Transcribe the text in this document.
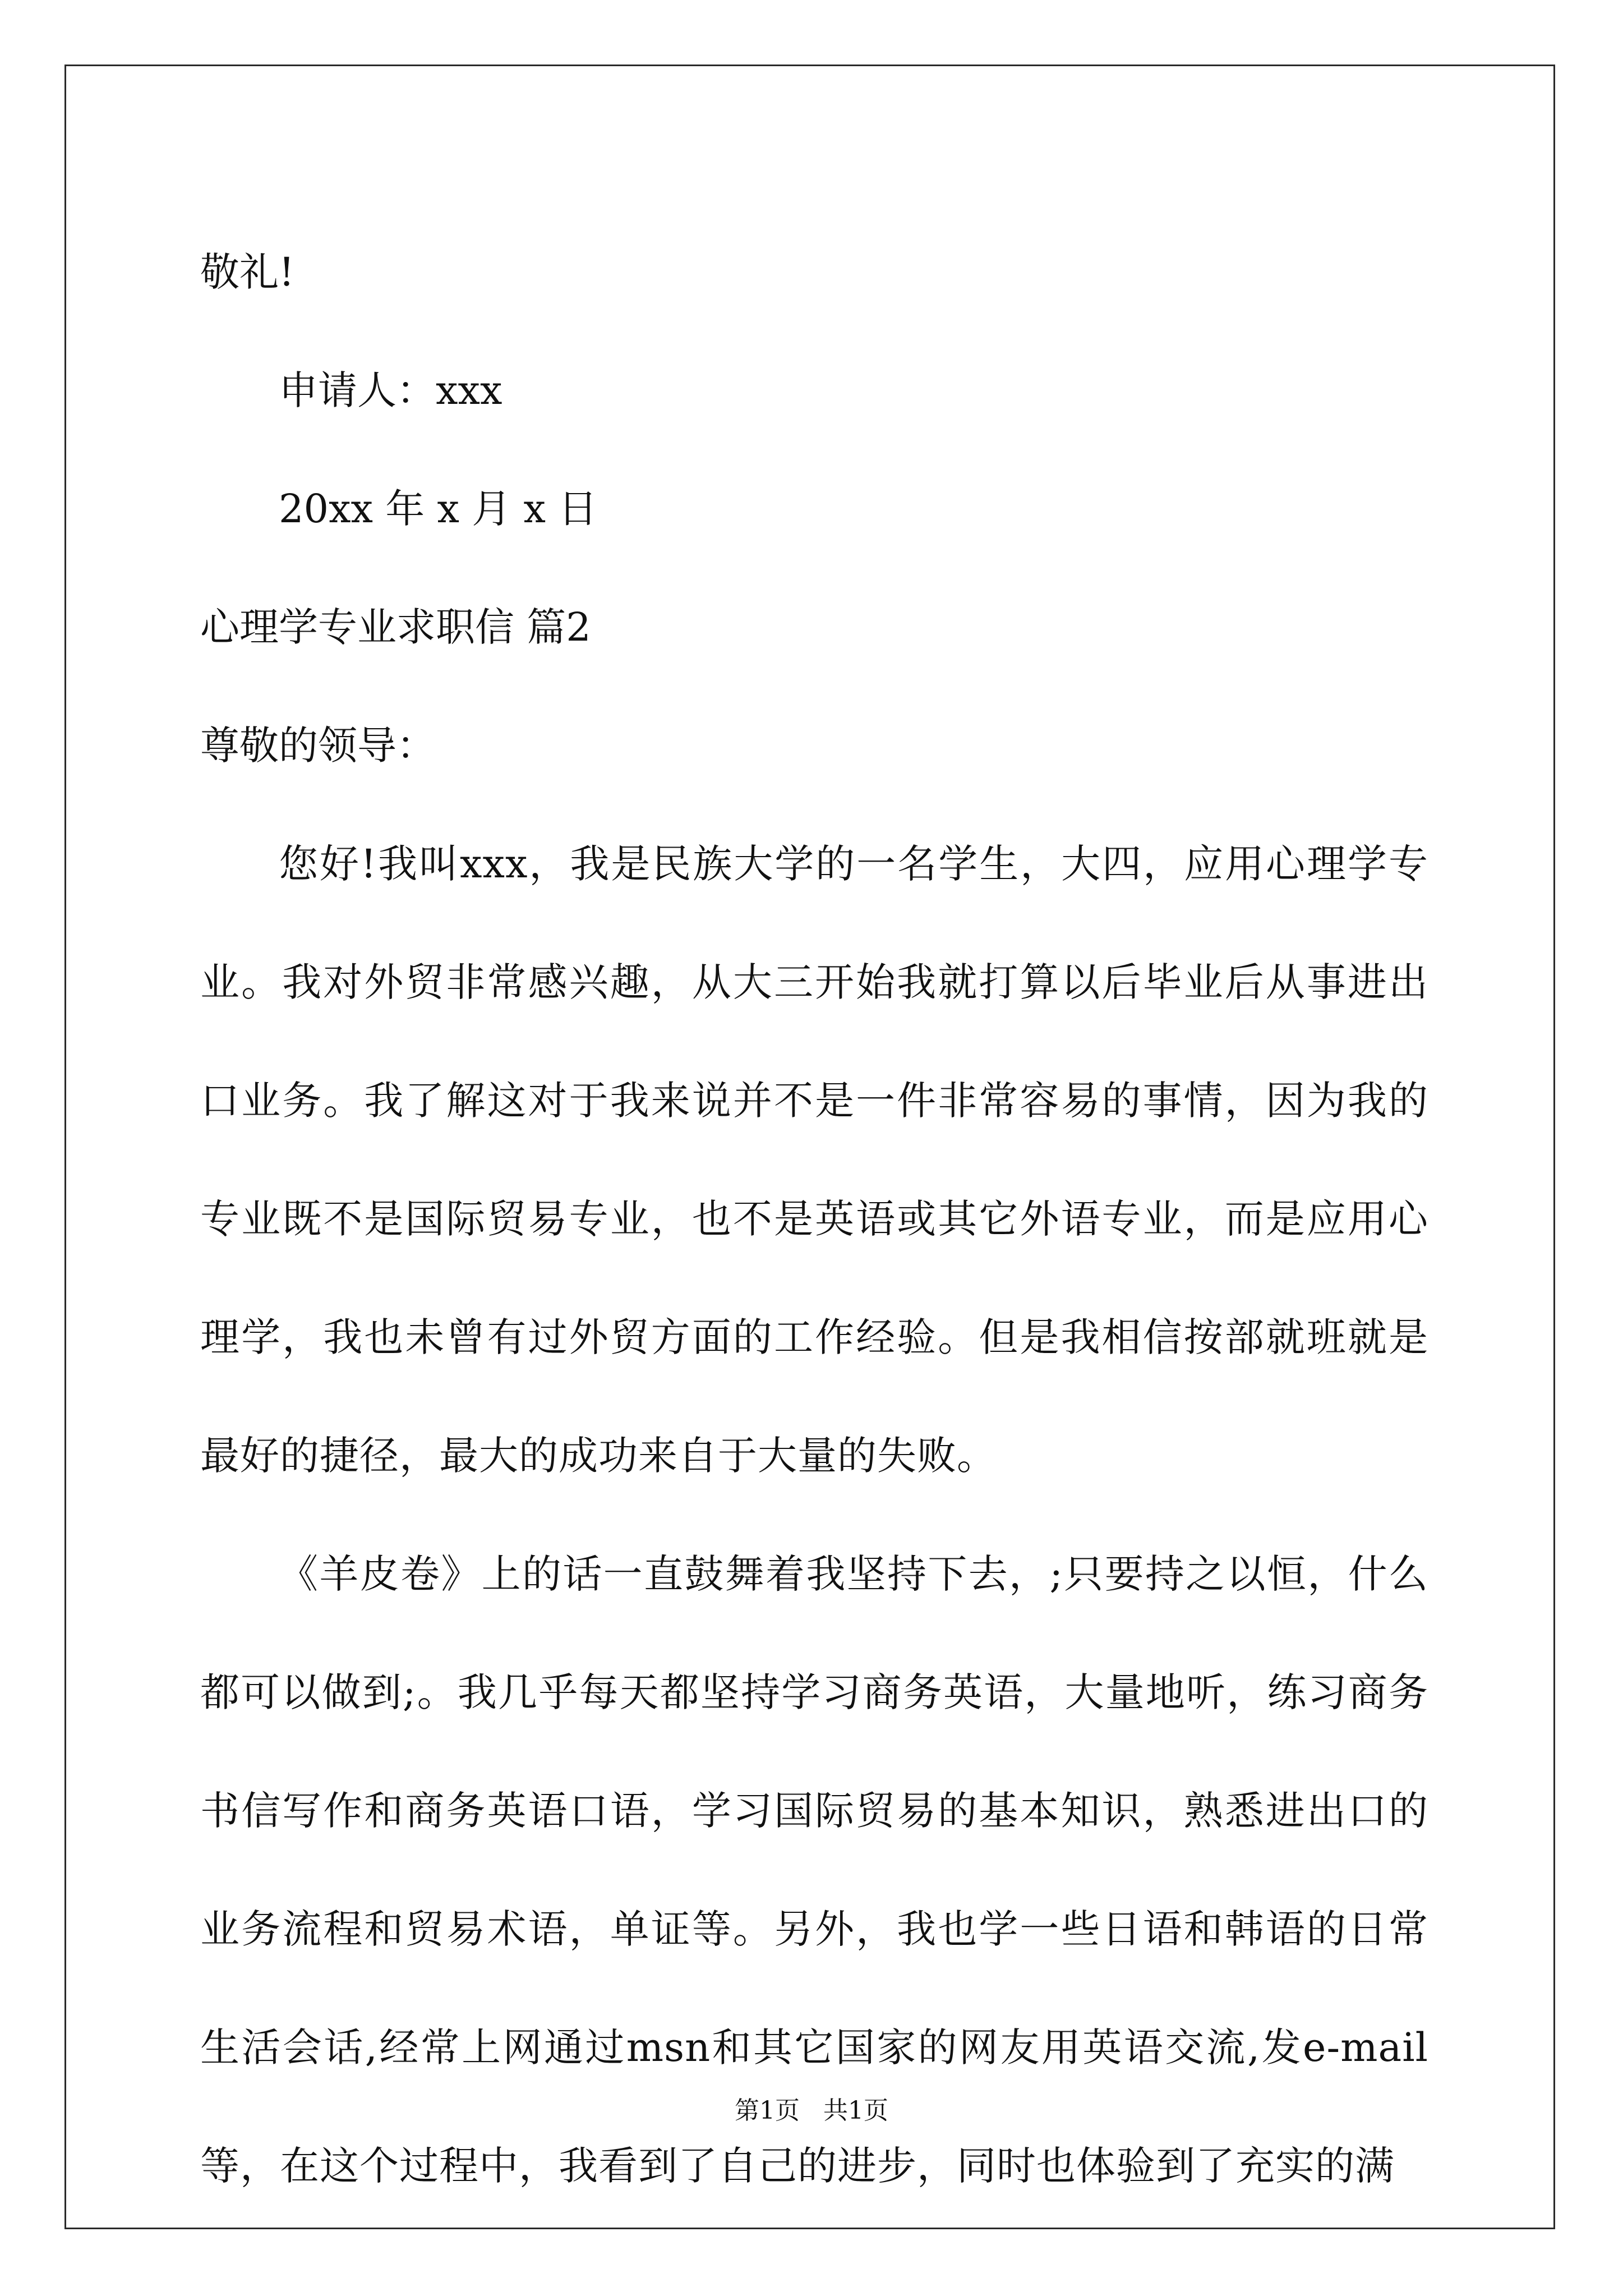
敬礼!
申请人：xxx
20xx 年 x 月 x 日
心理学专业求职信 篇2
尊敬的领导：
您好!我叫xxx，我是民族大学的一名学生，大四，应用心理学专业。我对外贸非常感兴趣，从大三开始我就打算以后毕业后从事进出口业务。我了解这对于我来说并不是一件非常容易的事情，因为我的专业既不是国际贸易专业，也不是英语或其它外语专业，而是应用心理学，我也未曾有过外贸方面的工作经验。但是我相信按部就班就是最好的捷径，最大的成功来自于大量的失败。
《羊皮卷》上的话一直鼓舞着我坚持下去，;只要持之以恒，什么都可以做到;。我几乎每天都坚持学习商务英语，大量地听，练习商务书信写作和商务英语口语，学习国际贸易的基本知识，熟悉进出口的业务流程和贸易术语，单证等。另外，我也学一些日语和韩语的日常生活会话,经常上网通过msn和其它国家的网友用英语交流,发e-mail等，在这个过程中，我看到了自己的进步，同时也体验到了充实的满
第1页   共1页
